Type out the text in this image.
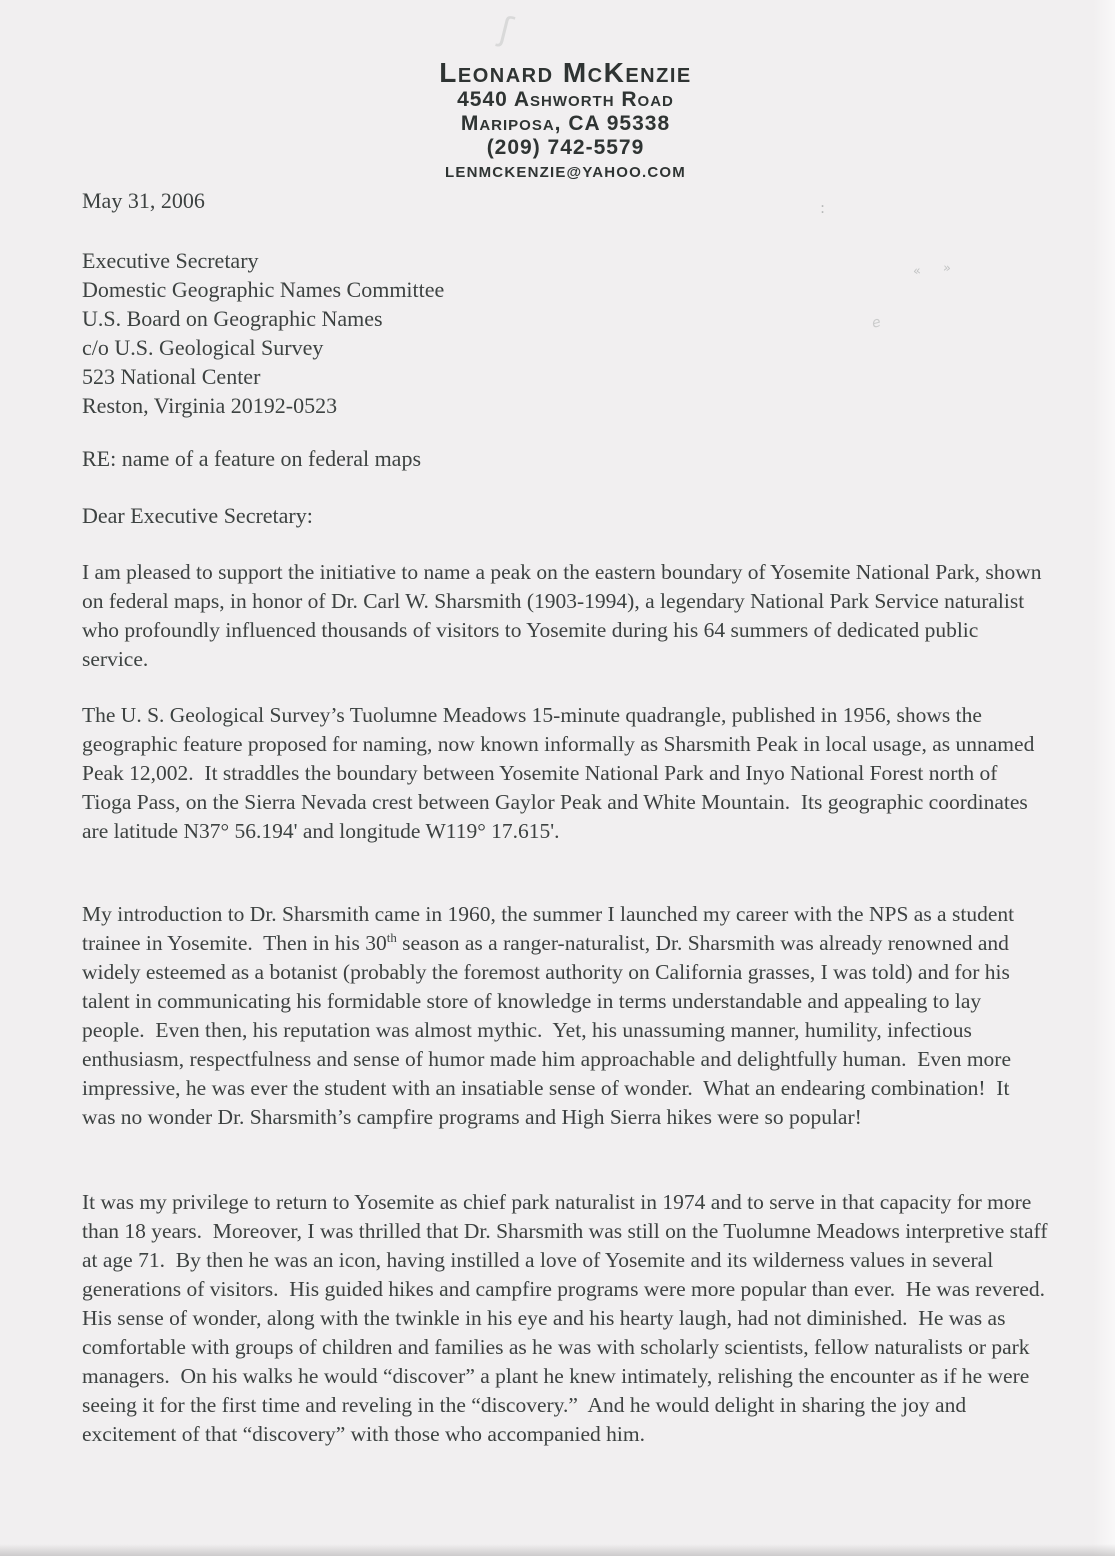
Leonard McKenzie
4540 Ashworth Road
Mariposa, CA 95338
(209) 742-5579
LENMCKENZIE@YAHOO.COM
May 31, 2006
Executive Secretary
Domestic Geographic Names Committee
U.S. Board on Geographic Names
c/o U.S. Geological Survey
523 National Center
Reston, Virginia 20192-0523
RE: name of a feature on federal maps
Dear Executive Secretary:
I am pleased to support the initiative to name a peak on the eastern boundary of Yosemite National Park, shown on federal maps, in honor of Dr. Carl W. Sharsmith (1903-1994), a legendary National Park Service naturalist who profoundly influenced thousands of visitors to Yosemite during his 64 summers of dedicated public service.
The U. S. Geological Survey’s Tuolumne Meadows 15-minute quadrangle, published in 1956, shows the geographic feature proposed for naming, now known informally as Sharsmith Peak in local usage, as unnamed Peak 12,002.  It straddles the boundary between Yosemite National Park and Inyo National Forest north of Tioga Pass, on the Sierra Nevada crest between Gaylor Peak and White Mountain.  Its geographic coordinates are latitude N37° 56.194' and longitude W119° 17.615'.
My introduction to Dr. Sharsmith came in 1960, the summer I launched my career with the NPS as a student trainee in Yosemite.  Then in his 30th season as a ranger-naturalist, Dr. Sharsmith was already renowned and widely esteemed as a botanist (probably the foremost authority on California grasses, I was told) and for his talent in communicating his formidable store of knowledge in terms understandable and appealing to lay people.  Even then, his reputation was almost mythic.  Yet, his unassuming manner, humility, infectious enthusiasm, respectfulness and sense of humor made him approachable and delightfully human.  Even more impressive, he was ever the student with an insatiable sense of wonder.  What an endearing combination!  It was no wonder Dr. Sharsmith’s campfire programs and High Sierra hikes were so popular!
It was my privilege to return to Yosemite as chief park naturalist in 1974 and to serve in that capacity for more than 18 years.  Moreover, I was thrilled that Dr. Sharsmith was still on the Tuolumne Meadows interpretive staff at age 71.  By then he was an icon, having instilled a love of Yosemite and its wilderness values in several generations of visitors.  His guided hikes and campfire programs were more popular than ever.  He was revered.  His sense of wonder, along with the twinkle in his eye and his hearty laugh, had not diminished.  He was as comfortable with groups of children and families as he was with scholarly scientists, fellow naturalists or park managers.  On his walks he would “discover” a plant he knew intimately, relishing the encounter as if he were seeing it for the first time and reveling in the “discovery.”  And he would delight in sharing the joy and excitement of that “discovery” with those who accompanied him.
ʃ
:
« »
e
